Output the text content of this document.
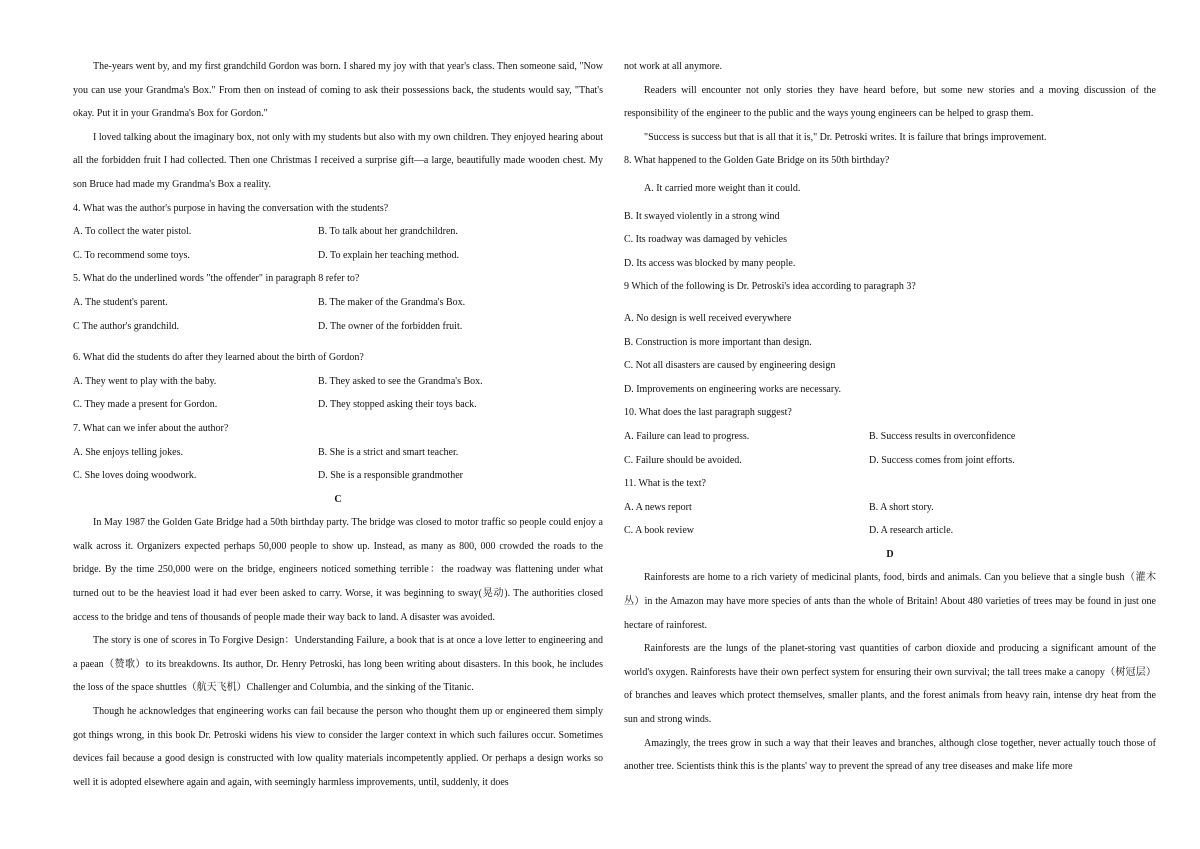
The-years went by, and my first grandchild Gordon was born. I shared my joy with that year's class. Then someone said, "Now you can use your Grandma's Box." From then on instead of coming to ask their possessions back, the students would say, "That's okay. Put it in your Grandma's Box for Gordon."

I loved talking about the imaginary box, not only with my students but also with my own children. They enjoyed hearing about all the forbidden fruit I had collected. Then one Christmas I received a surprise gift—a large, beautifully made wooden chest. My son Bruce had made my Grandma's Box a reality.

4. What was the author's purpose in having the conversation with the students?

A. To collect the water pistol.	B. To talk about her grandchildren.
C. To recommend some toys.	D. To explain her teaching method.

5. What do the underlined words "the offender" in paragraph 8 refer to?

A. The student's parent.	B. The maker of the Grandma's Box.
C The author's grandchild.	D. The owner of the forbidden fruit.

6. What did the students do after they learned about the birth of Gordon?

A. They went to play with the baby.	B. They asked to see the Grandma's Box.
C. They made a present for Gordon.	D. They stopped asking their toys back.

7. What can we infer about the author?

A. She enjoys telling jokes.	B. She is a strict and smart teacher.
C. She loves doing woodwork.	D. She is a responsible grandmother

C

In May 1987 the Golden Gate Bridge had a 50th birthday party. The bridge was closed to motor traffic so people could enjoy a walk across it. Organizers expected perhaps 50,000 people to show up. Instead, as many as 800, 000 crowded the roads to the bridge. By the time 250,000 were on the bridge, engineers noticed something terrible：the roadway was flattening under what turned out to be the heaviest load it had ever been asked to carry. Worse, it was beginning to sway(晃动). The authorities closed access to the bridge and tens of thousands of people made their way back to land. A disaster was avoided.

The story is one of scores in To Forgive Design：Understanding Failure, a book that is at once a love letter to engineering and a paean（赞歌）to its breakdowns. Its author, Dr. Henry Petroski, has long been writing about disasters. In this book, he includes the loss of the space shuttles（航天飞机）Challenger and Columbia, and the sinking of the Titanic.

Though he acknowledges that engineering works can fail because the person who thought them up or engineered them simply got things wrong, in this book Dr. Petroski widens his view to consider the larger context in which such failures occur. Sometimes devices fail because a good design is constructed with low quality materials incompetently applied. Or perhaps a design works so well it is adopted elsewhere again and again, with seemingly harmless improvements, until, suddenly, it does

not work at all anymore.

Readers will encounter not only stories they have heard before, but some new stories and a moving discussion of the responsibility of the engineer to the public and the ways young engineers can be helped to grasp them.

"Success is success but that is all that it is," Dr. Petroski writes. It is failure that brings improvement.

8. What happened to the Golden Gate Bridge on its 50th birthday?

A. It carried more weight than it could.

B. It swayed violently in a strong wind

C. Its roadway was damaged by vehicles

D. Its access was blocked by many people.

9 Which of the following is Dr. Petroski's idea according to paragraph 3?

A. No design is well received everywhere

B. Construction is more important than design.

C. Not all disasters are caused by engineering design

D. Improvements on engineering works are necessary.

10. What does the last paragraph suggest?

A. Failure can lead to progress.	B. Success results in overconfidence
C. Failure should be avoided.	D. Success comes from joint efforts.

11. What is the text?

A. A news report	B. A short story.
C. A book review	D. A research article.

D

Rainforests are home to a rich variety of medicinal plants, food, birds and animals. Can you believe that a single bush（灌木丛）in the Amazon may have more species of ants than the whole of Britain! About 480 varieties of trees may be found in just one hectare of rainforest.

Rainforests are the lungs of the planet-storing vast quantities of carbon dioxide and producing a significant amount of the world's oxygen. Rainforests have their own perfect system for ensuring their own survival; the tall trees make a canopy（树冠层）of branches and leaves which protect themselves, smaller plants, and the forest animals from heavy rain, intense dry heat from the sun and strong winds.

Amazingly, the trees grow in such a way that their leaves and branches, although close together, never actually touch those of another tree. Scientists think this is the plants' way to prevent the spread of any tree diseases and make life more
